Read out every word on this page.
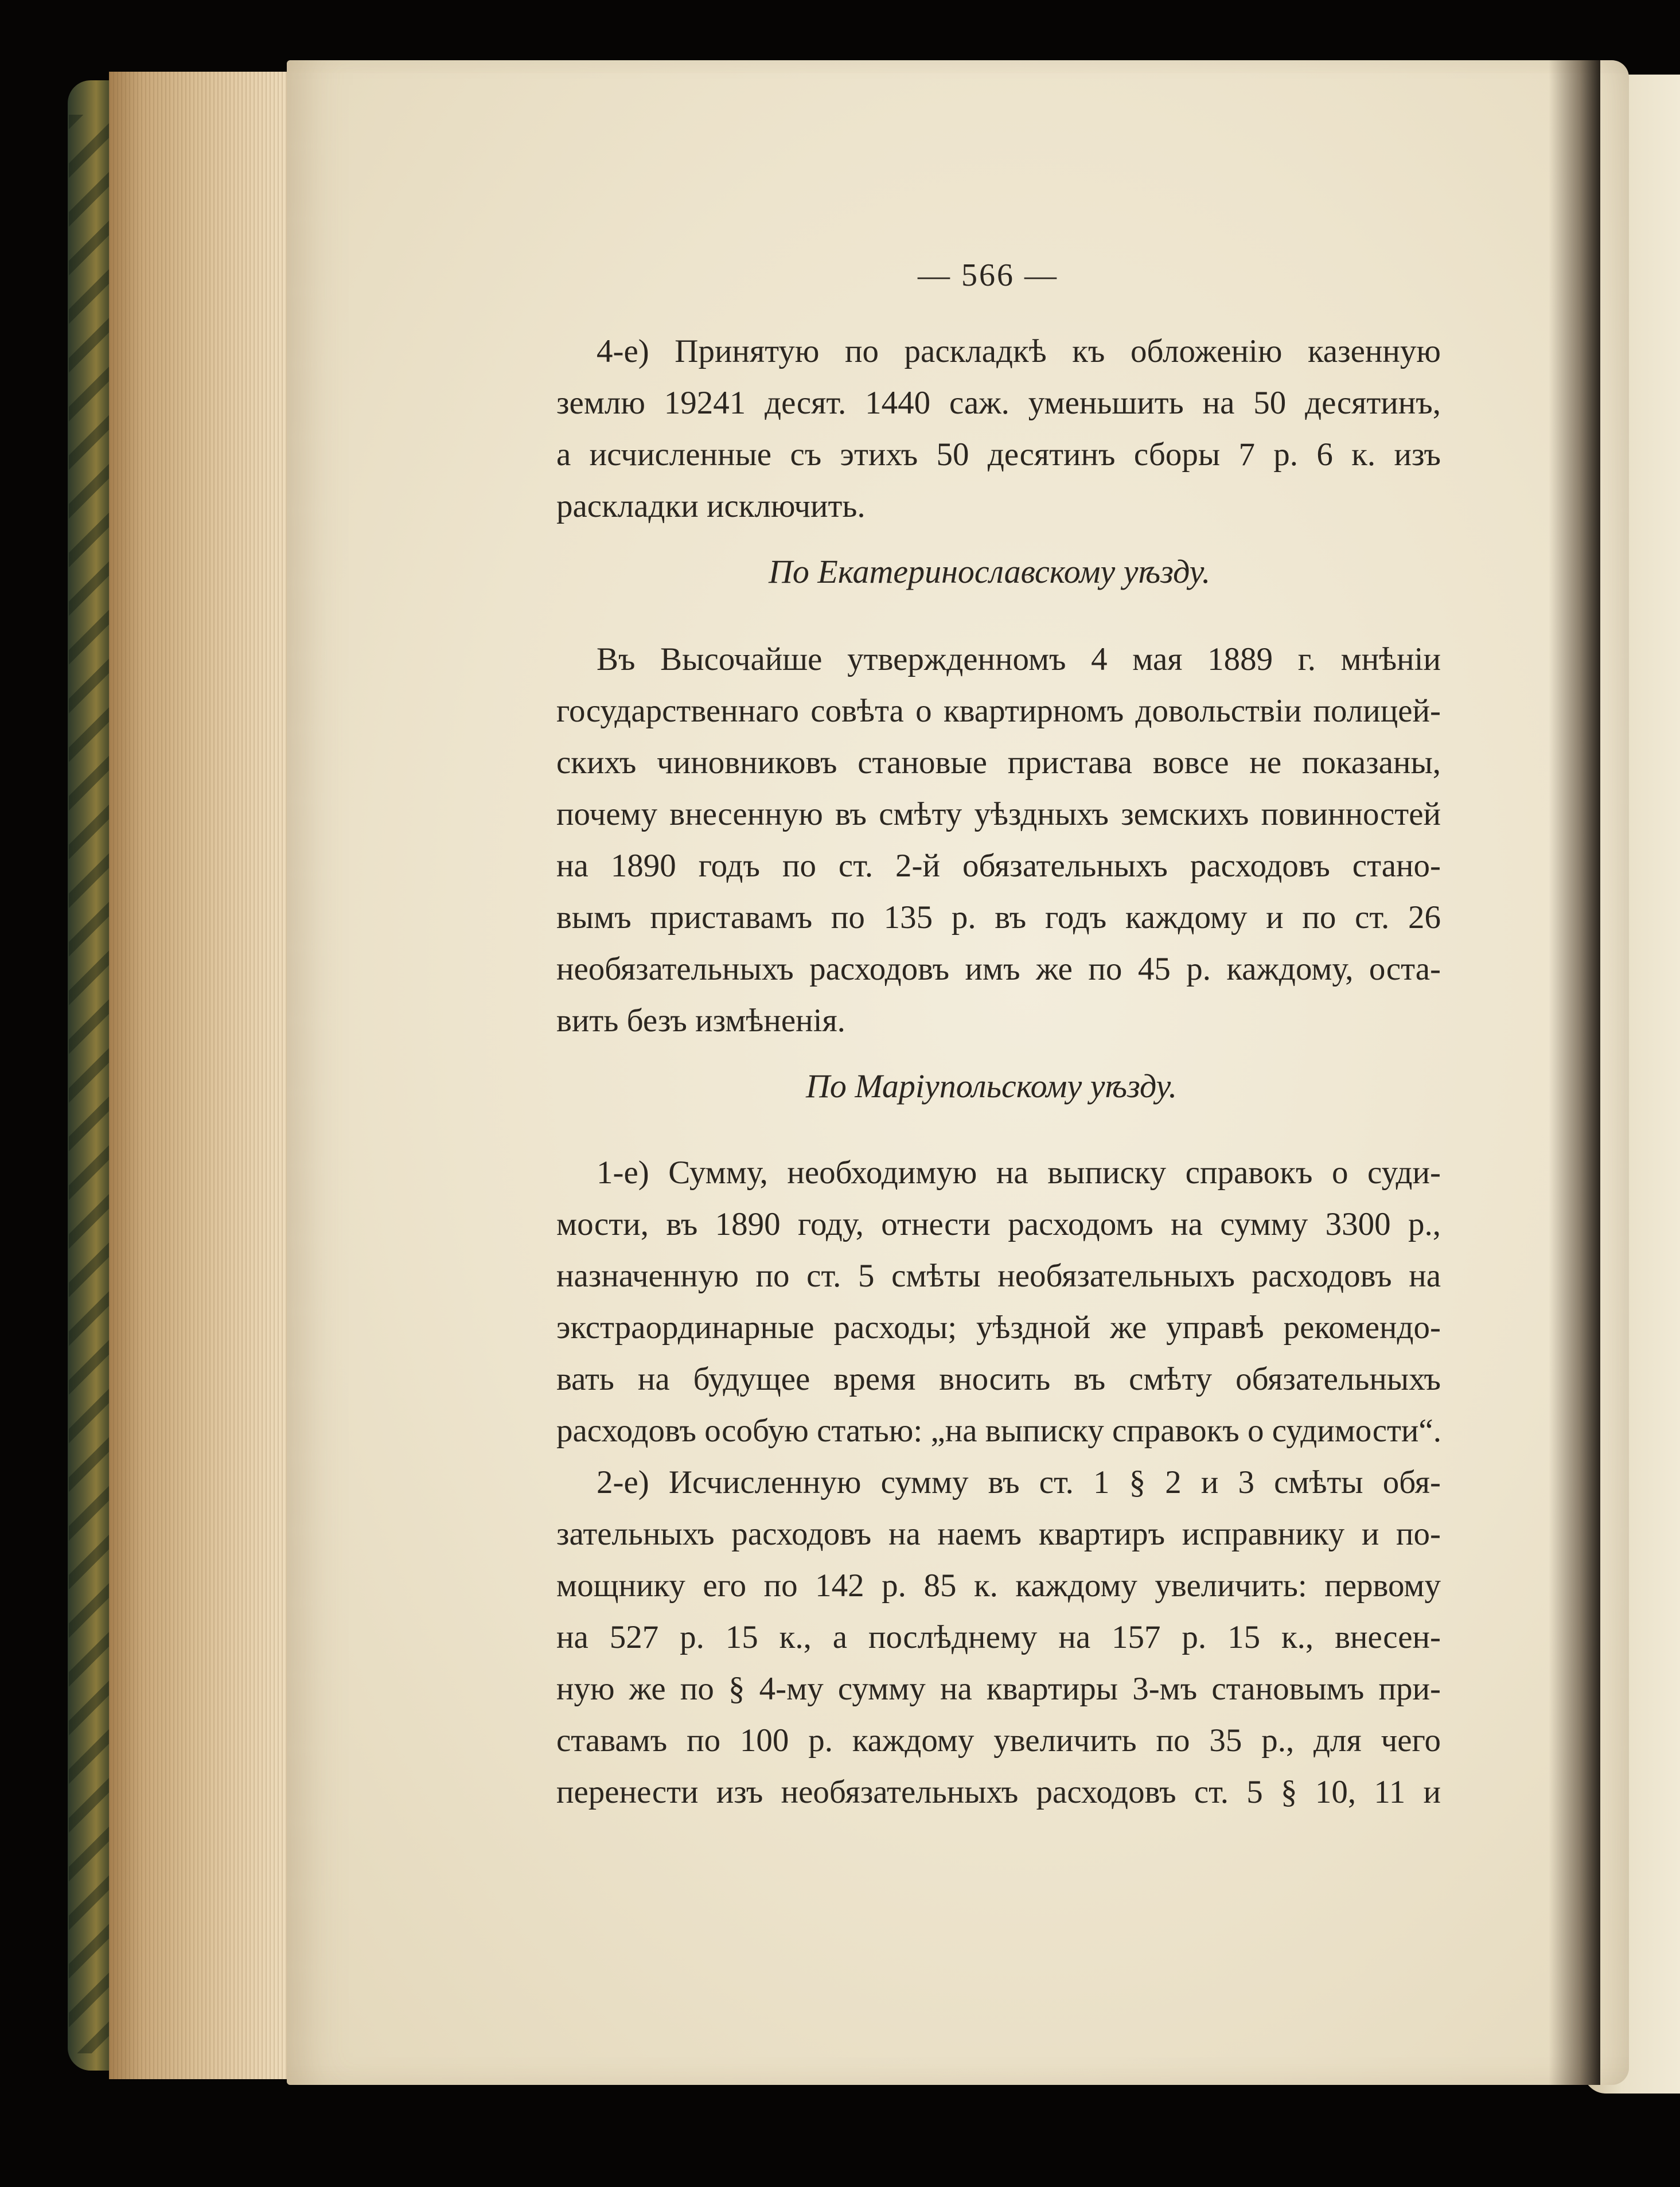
— 566 —
4-е) Принятую по раскладкѣ къ обложенію казенную
землю 19241 десят. 1440 саж. уменьшить на 50 десятинъ,
а исчисленные съ этихъ 50 десятинъ сборы 7 р. 6 к. изъ
раскладки исключить.
По Екатеринославскому уѣзду.
Въ Высочайше утвержденномъ 4 мая 1889 г. мнѣніи
государственнаго совѣта о квартирномъ довольствіи полицей-
скихъ чиновниковъ становые пристава вовсе не показаны,
почему внесенную въ смѣту уѣздныхъ земскихъ повинностей
на 1890 годъ по ст. 2-й обязательныхъ расходовъ стано-
вымъ приставамъ по 135 р. въ годъ каждому и по ст. 26
необязательныхъ расходовъ имъ же по 45 р. каждому, оста-
вить безъ измѣненія.
По Маріупольскому уѣзду.
1-е) Сумму, необходимую на выписку справокъ о суди-
мости, въ 1890 году, отнести расходомъ на сумму 3300 р.,
назначенную по ст. 5 смѣты необязательныхъ расходовъ на
экстраординарные расходы; уѣздной же управѣ рекомендо-
вать на будущее время вносить въ смѣту обязательныхъ
расходовъ особую статью: „на выписку справокъ о судимости“.
2-е) Исчисленную сумму въ ст. 1 § 2 и 3 смѣты обя-
зательныхъ расходовъ на наемъ квартиръ исправнику и по-
мощнику его по 142 р. 85 к. каждому увеличить: первому
на 527 р. 15 к., а послѣднему на 157 р. 15 к., внесен-
ную же по § 4-му сумму на квартиры 3-мъ становымъ при-
ставамъ по 100 р. каждому увеличить по 35 р., для чего
перенести изъ необязательныхъ расходовъ ст. 5 § 10, 11 и
